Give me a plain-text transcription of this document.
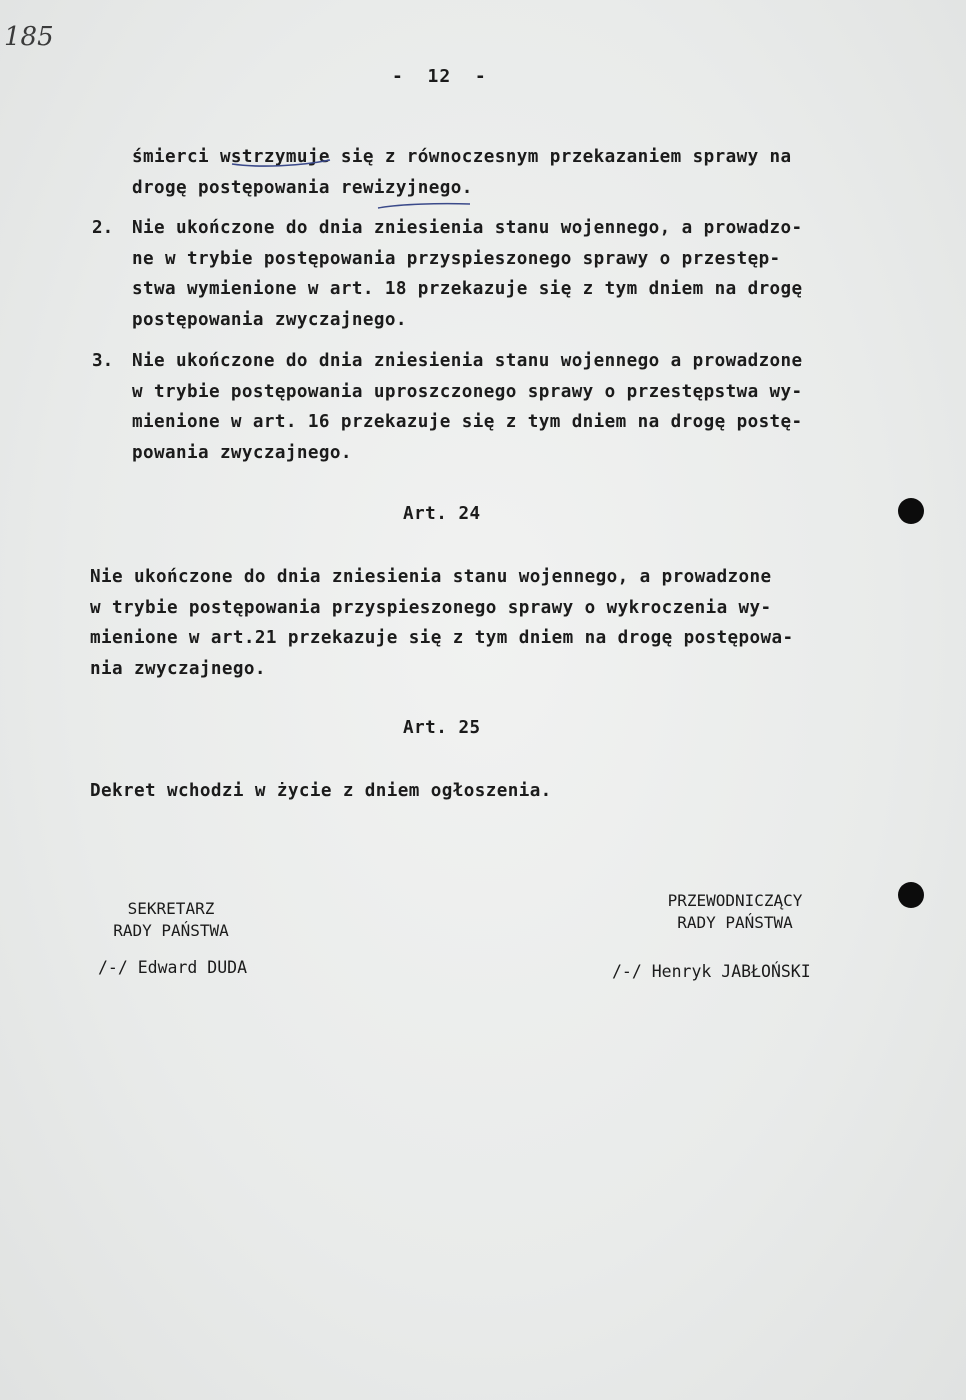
185
-  12  -
śmierci wstrzymuje się z równoczesnym przekazaniem sprawy na
drogę postępowania rewizyjnego.
2. Nie ukończone do dnia zniesienia stanu wojennego, a prowadzo-
ne w trybie postępowania przyspieszonego sprawy o przestęp-
stwa wymienione w art. 18 przekazuje się z tym dniem na drogę
postępowania zwyczajnego.
3. Nie ukończone do dnia zniesienia stanu wojennego a prowadzone
w trybie postępowania uproszczonego sprawy o przestępstwa wy-
mienione w art. 16 przekazuje się z tym dniem na drogę postę-
powania zwyczajnego.
Art. 24
Nie ukończone do dnia zniesienia stanu wojennego, a prowadzone
w trybie postępowania przyspieszonego sprawy o wykroczenia wy-
mienione w art.21 przekazuje się z tym dniem na drogę postępowa-
nia zwyczajnego.
Art. 25
Dekret wchodzi w życie z dniem ogłoszenia.
SEKRETARZ
RADY PAŃSTWA
/-/ Edward DUDA
PRZEWODNICZĄCY
RADY PAŃSTWA
/-/ Henryk JABŁOŃSKI
